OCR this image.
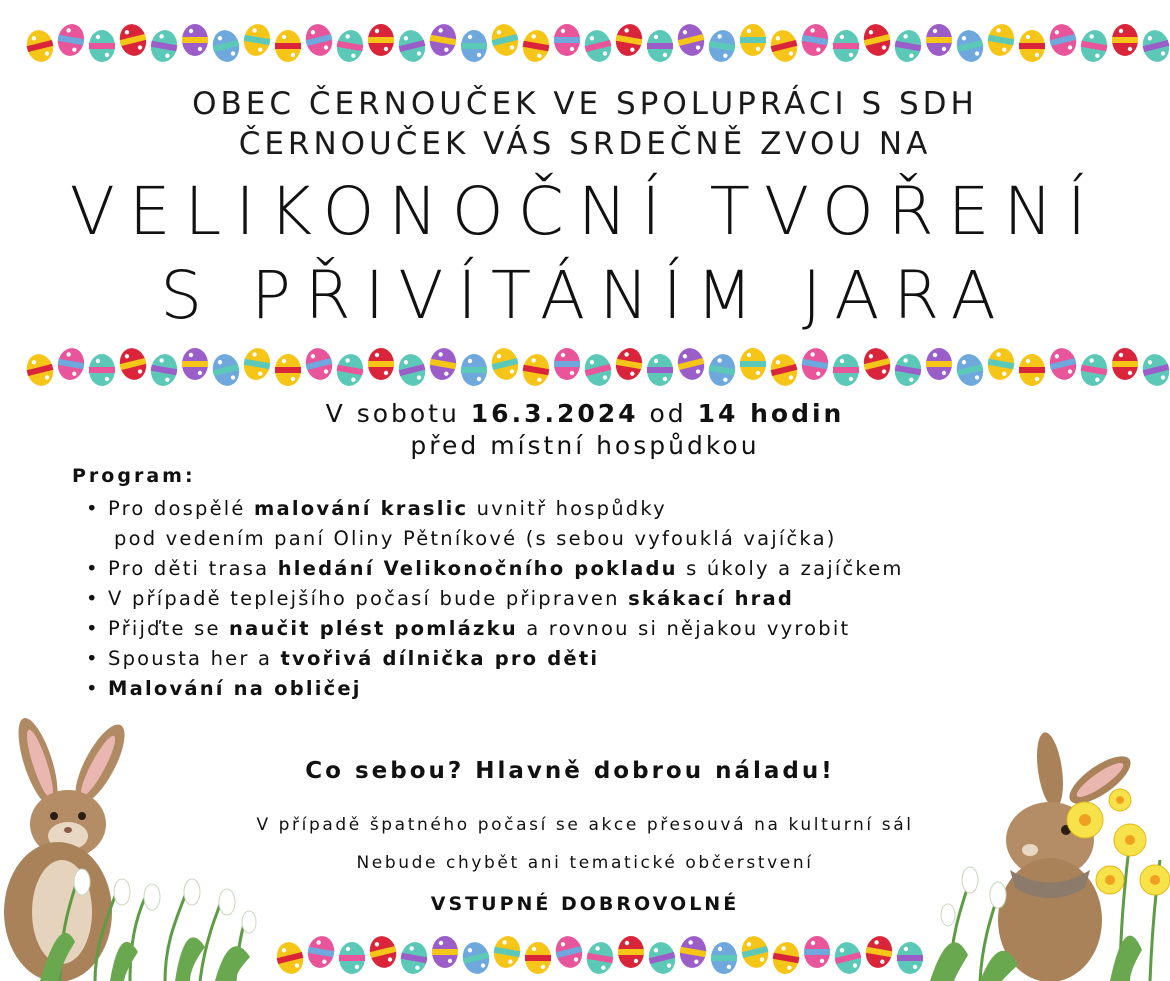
OBEC ČERNOUČEK VE SPOLUPRÁCI S SDH
ČERNOUČEK VÁS SRDEČNĚ ZVOU NA
VELIKONOČNÍ TVOŘENÍ
S PŘIVÍTÁNÍM JARA
V sobotu 16.3.2024 od 14 hodin
před místní hospůdkou
Program:
• Pro dospělé malování kraslic uvnitř hospůdky
pod vedením paní Oliny Pětníkové (s sebou vyfouklá vajíčka)
• Pro děti trasa hledání Velikonočního pokladu s úkoly a zajíčkem
• V případě teplejšího počasí bude připraven skákací hrad
• Přijďte se naučit plést pomlázku a rovnou si nějakou vyrobit
• Spousta her a tvořivá dílnička pro děti
• Malování na obličej
Co sebou? Hlavně dobrou náladu!
V případě špatného počasí se akce přesouvá na kulturní sál
Nebude chybět ani tematické občerstvení
VSTUPNÉ DOBROVOLNÉ
